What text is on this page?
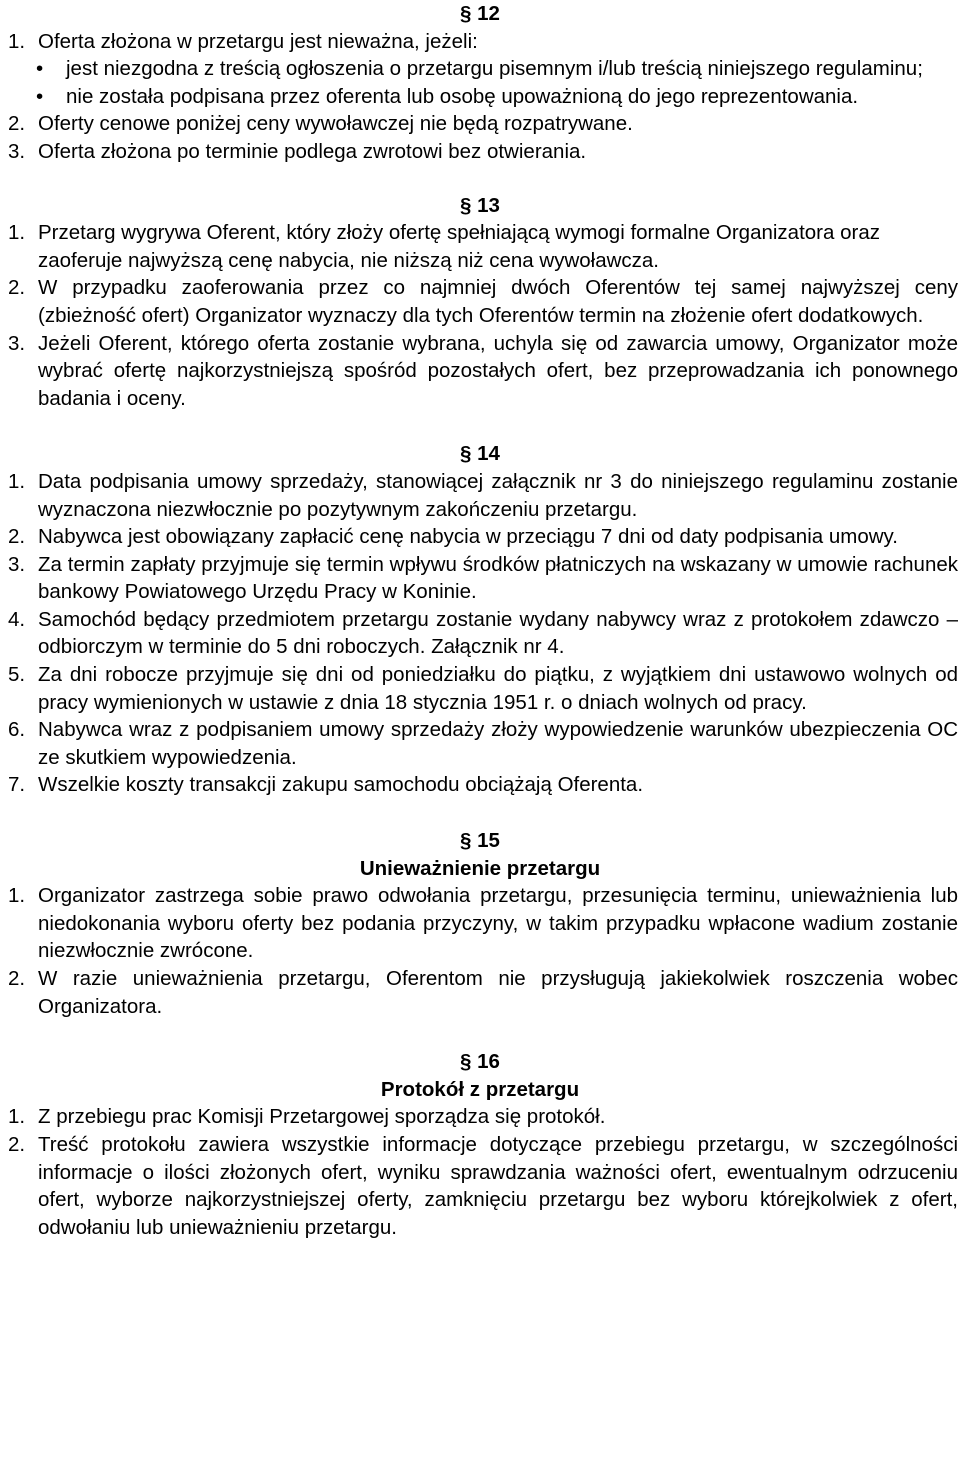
§ 12
1. Oferta złożona w przetargu jest nieważna, jeżeli:
•	jest niezgodna z treścią ogłoszenia o przetargu pisemnym i/lub treścią niniejszego regulaminu;
•	nie została podpisana przez oferenta lub osobę upoważnioną do jego reprezentowania.
2. Oferty cenowe poniżej ceny wywoławczej nie będą rozpatrywane.
3. Oferta złożona po terminie podlega zwrotowi bez otwierania.
§ 13
1. Przetarg wygrywa Oferent, który złoży ofertę spełniającą wymogi formalne Organizatora oraz zaoferuje najwyższą cenę nabycia, nie niższą niż cena wywoławcza.
2. W przypadku zaoferowania przez co najmniej dwóch Oferentów tej samej najwyższej ceny (zbieżność ofert) Organizator wyznaczy dla tych Oferentów termin na złożenie ofert dodatkowych.
3. Jeżeli Oferent, którego oferta zostanie wybrana, uchyla się od zawarcia umowy, Organizator może wybrać ofertę najkorzystniejszą spośród pozostałych ofert, bez przeprowadzania ich ponownego badania i oceny.
§ 14
1. Data podpisania umowy sprzedaży, stanowiącej załącznik nr 3 do niniejszego regulaminu zostanie wyznaczona niezwłocznie po pozytywnym zakończeniu przetargu.
2. Nabywca jest obowiązany zapłacić cenę nabycia w przeciągu 7 dni od daty podpisania umowy.
3. Za termin zapłaty przyjmuje się termin wpływu środków płatniczych na wskazany w umowie rachunek bankowy Powiatowego Urzędu Pracy w Koninie.
4. Samochód będący przedmiotem przetargu zostanie wydany nabywcy wraz z protokołem zdawczo – odbiorczym w terminie do 5 dni roboczych. Załącznik nr 4.
5. Za dni robocze przyjmuje się dni od poniedziałku do piątku, z wyjątkiem dni ustawowo wolnych od pracy wymienionych w ustawie z dnia 18 stycznia 1951 r. o dniach wolnych od pracy.
6. Nabywca wraz z podpisaniem umowy sprzedaży złoży wypowiedzenie warunków ubezpieczenia OC ze skutkiem wypowiedzenia.
7. Wszelkie koszty transakcji zakupu samochodu obciążają Oferenta.
§ 15
Unieważnienie przetargu
1. Organizator zastrzega sobie prawo odwołania przetargu, przesunięcia terminu, unieważnienia lub niedokonania wyboru oferty bez podania przyczyny, w takim przypadku wpłacone wadium zostanie niezwłocznie zwrócone.
2. W razie unieważnienia przetargu, Oferentom nie przysługują jakiekolwiek roszczenia wobec Organizatora.
§ 16
Protokół z przetargu
1. Z przebiegu prac Komisji Przetargowej sporządza się protokół.
2. Treść protokołu zawiera wszystkie informacje dotyczące przebiegu przetargu, w szczególności informacje o ilości złożonych ofert, wyniku sprawdzania ważności ofert, ewentualnym odrzuceniu ofert, wyborze najkorzystniejszej oferty, zamknięciu przetargu bez wyboru którejkolwiek z ofert, odwołaniu lub unieważnieniu przetargu.
